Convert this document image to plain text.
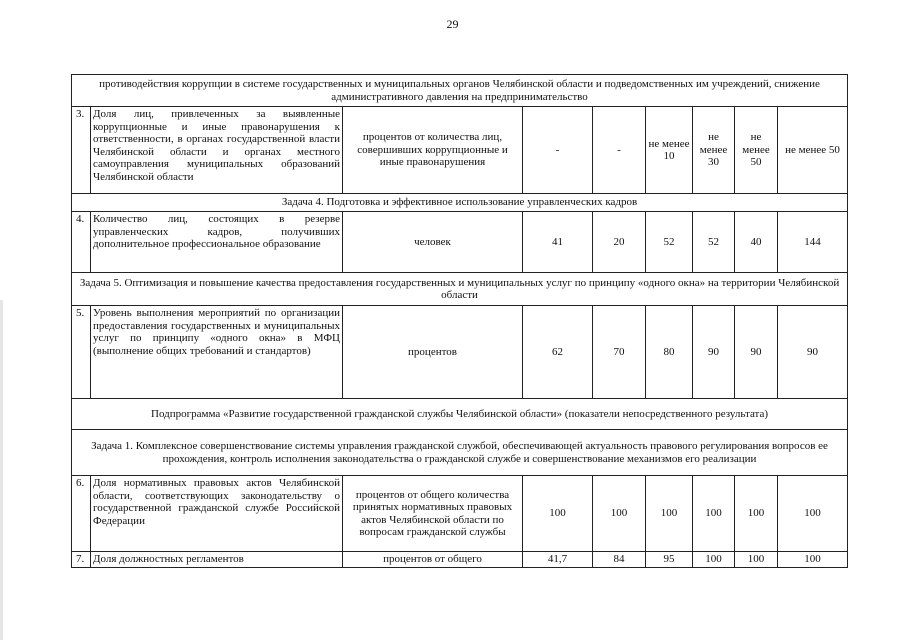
29
противодействия коррупции в системе государственных и муниципальных органов Челябинской области и подведомственных им учреждений, снижение административного давления на предпринимательство								
3.	Доля лиц, привлеченных за выявленные коррупционные и иные правонарушения к ответственности, в органах государственной власти Челябинской области и органах местного самоуправления муниципальных образований Челябинской области	процентов от количества лиц, совершивших коррупционные и иные правонарушения	-	-	не менее 10	не менее 30	не менее 50	не менее 50
Задача 4. Подготовка и эффективное использование управленческих кадров								
4.	Количество лиц, состоящих в резерве управленческих кадров, получивших дополнительное профессиональное образование	человек	41	20	52	52	40	144
Задача 5. Оптимизация и повышение качества предоставления государственных и муниципальных услуг по принципу «одного окна» на территории Челябинской области								
5.	Уровень выполнения мероприятий по организации предоставления государственных и муниципальных услуг по принципу «одного окна» в МФЦ (выполнение общих требований и стандартов)	процентов	62	70	80	90	90	90
Подпрограмма «Развитие государственной гражданской службы Челябинской области» (показатели непосредственного результата)								
Задача 1. Комплексное совершенствование системы управления гражданской службой, обеспечивающей актуальность правового регулирования вопросов ее прохождения, контроль исполнения законодательства о гражданской службе и совершенствование механизмов его реализации								
6.	Доля нормативных правовых актов Челябинской области, соответствующих законодательству о государственной гражданской службе Российской Федерации	процентов от общего количества принятых нормативных правовых актов Челябинской области по вопросам гражданской службы	100	100	100	100	100	100
7.	Доля должностных регламентов	процентов от общего	41,7	84	95	100	100	100
